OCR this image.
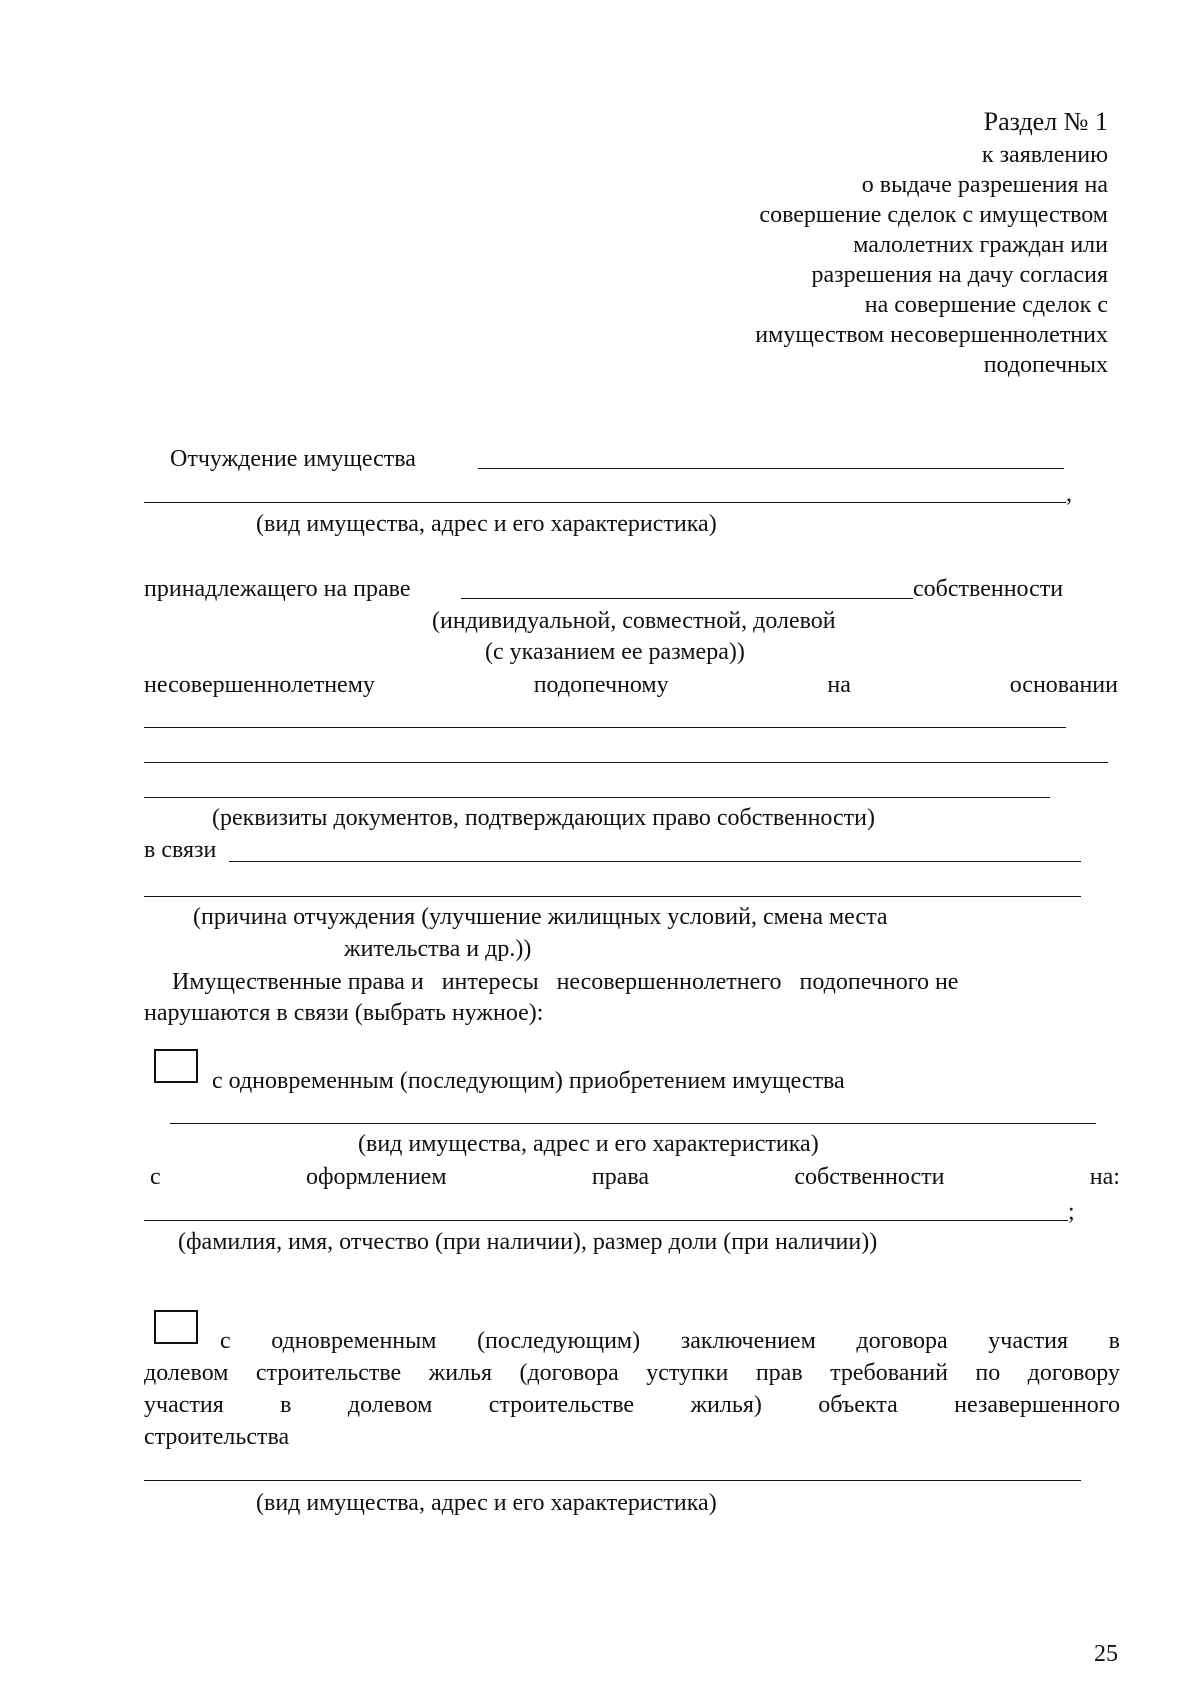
Раздел № 1
к заявлению
о выдаче разрешения на
совершение сделок с имуществом
малолетних граждан или
разрешения на дачу согласия
на совершение сделок с
имуществом несовершеннолетних
подопечных
Отчуждение имущества
,
(вид имущества, адрес и его характеристика)
принадлежащего на праве	собственности
(индивидуальной, совместной, долевой
(с указанием ее размера))
несовершеннолетнему	подопечному	на	основании
(реквизиты документов, подтверждающих право собственности)
в связи
(причина отчуждения (улучшение жилищных условий, смена места
жительства и др.))
Имущественные права и   интересы   несовершеннолетнего   подопечного не
нарушаются в связи (выбрать нужное):
с одновременным (последующим) приобретением имущества
(вид имущества, адрес и его характеристика)
с	оформлением	права	собственности	на:
;
(фамилия, имя, отчество (при наличии), размер доли (при наличии))
с одновременным (последующим) заключением договора участия в
долевом строительстве жилья (договора уступки прав требований по договору
участия в долевом строительстве жилья) объекта незавершенного
строительства
(вид имущества, адрес и его характеристика)
25
